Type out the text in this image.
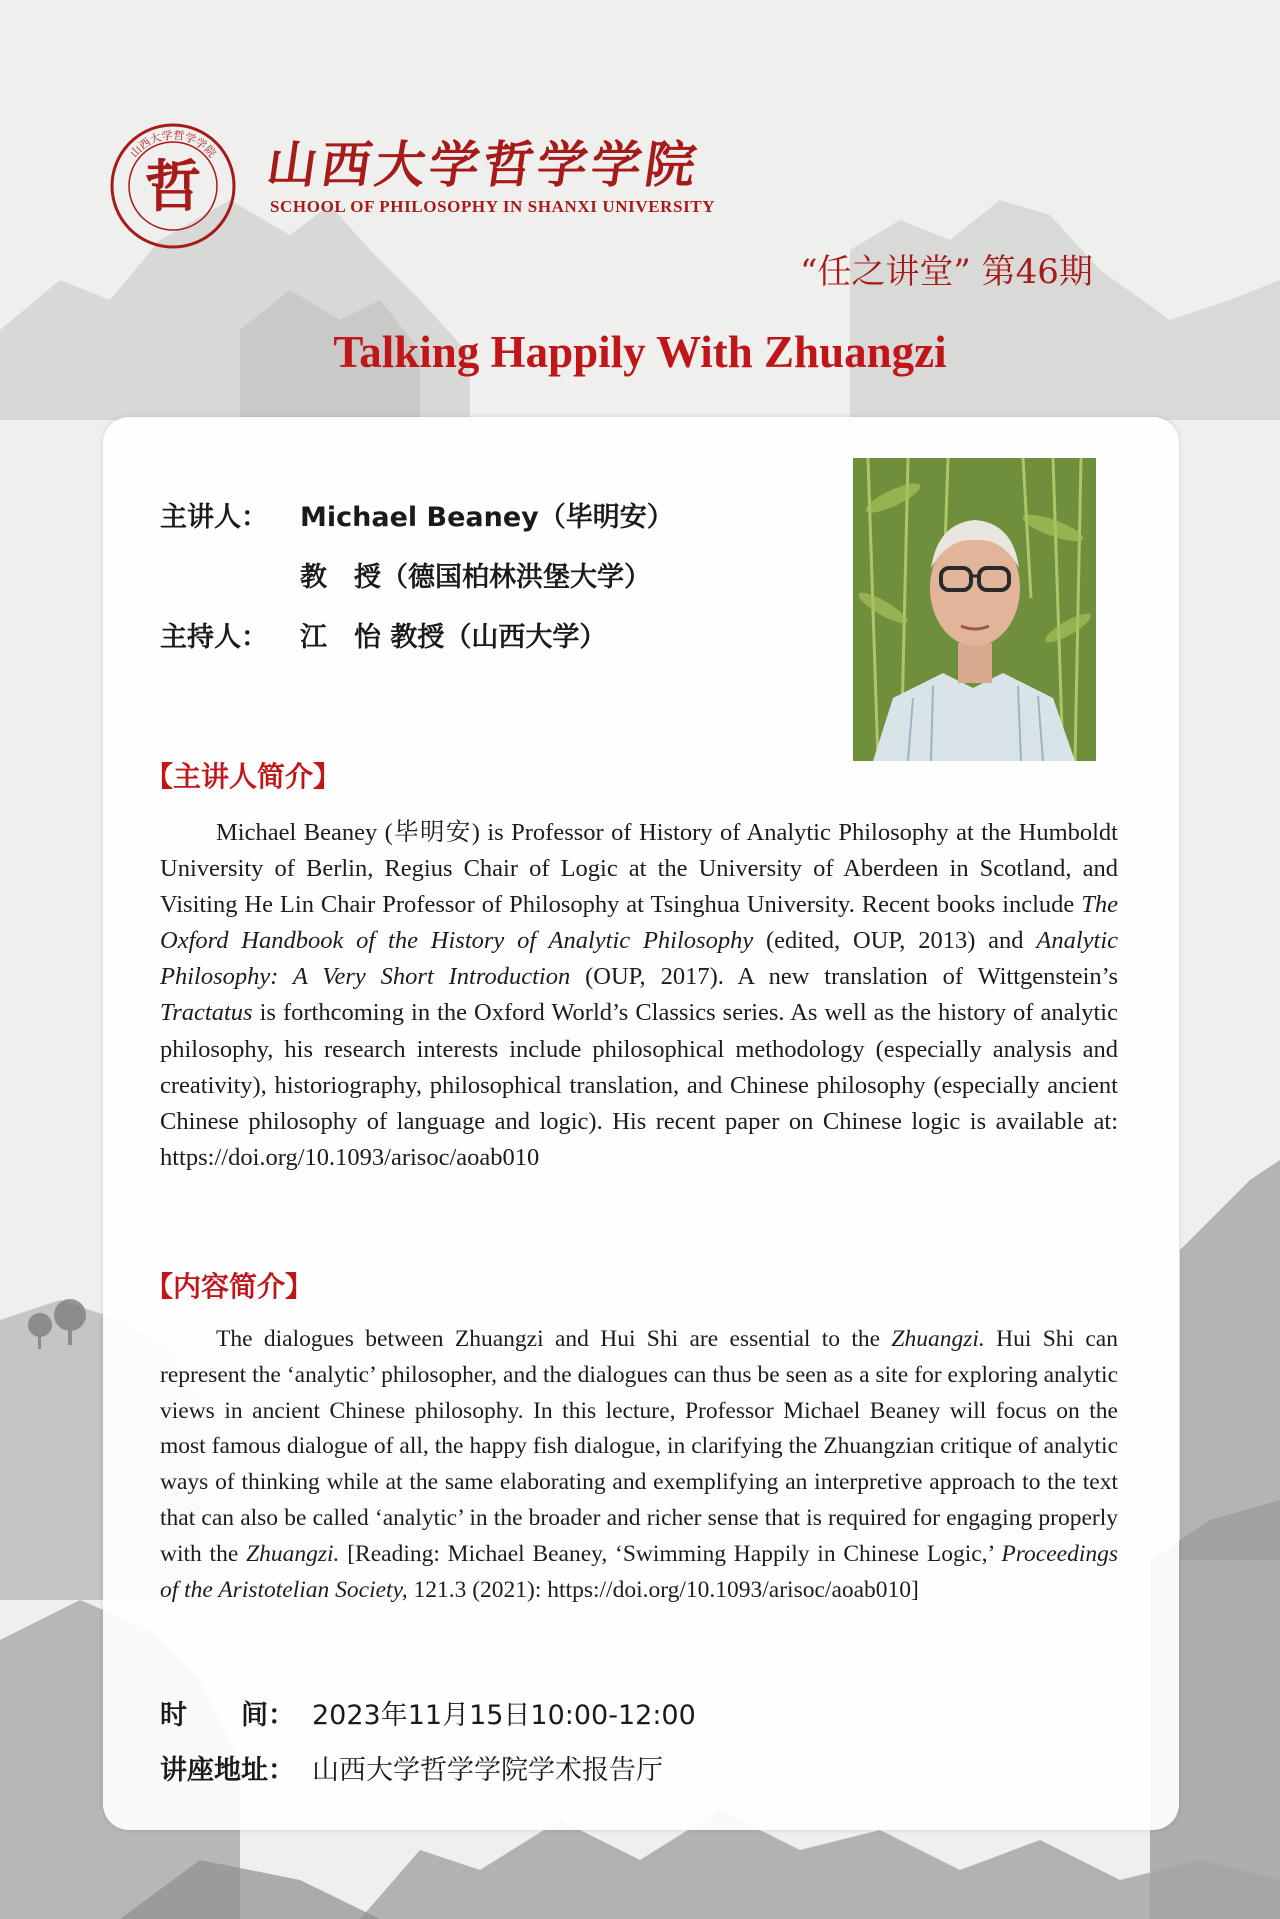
哲
山西大学哲学学院 山西大学哲学学院

SCHOOL OF PHILOSOPHY IN SHANXI UNIVERSITY

“任之讲堂” 第46期

Talking Happily With Zhuangzi

主讲人： Michael Beaney（毕明安）

教　授（德国柏林洪堡大学）

主持人： 江　怡 教授（山西大学）

【主讲人简介】

Michael Beaney (毕明安) is Professor of History of Analytic Philosophy at the Humboldt University of Berlin, Regius Chair of Logic at the University of Aberdeen in Scotland, and Visiting He Lin Chair Professor of Philosophy at Tsinghua University. Recent books include The Oxford Handbook of the History of Analytic Philosophy (edited, OUP, 2013) and Analytic Philosophy: A Very Short Introduction (OUP, 2017). A new translation of Wittgenstein’s Tractatus is forthcoming in the Oxford World’s Classics series. As well as the history of analytic philosophy, his research interests include philosophical methodology (especially analysis and creativity), historiography, philosophical translation, and Chinese philosophy (especially ancient Chinese philosophy of language and logic). His recent paper on Chinese logic is available at: https://doi.org/10.1093/arisoc/aoab010

【内容简介】

The dialogues between Zhuangzi and Hui Shi are essential to the Zhuangzi. Hui Shi can represent the ‘analytic’ philosopher, and the dialogues can thus be seen as a site for exploring analytic views in ancient Chinese philosophy. In this lecture, Professor Michael Beaney will focus on the most famous dialogue of all, the happy fish dialogue, in clarifying the Zhuangzian critique of analytic ways of thinking while at the same elaborating and exemplifying an interpretive approach to the text that can also be called ‘analytic’ in the broader and richer sense that is required for engaging properly with the Zhuangzi. [Reading: Michael Beaney, ‘Swimming Happily in Chinese Logic,’ Proceedings of the Aristotelian Society, 121.3 (2021): https://doi.org/10.1093/arisoc/aoab010]

时　　间： 2023年11月15日10:00-12:00

讲座地址： 山西大学哲学学院学术报告厅
